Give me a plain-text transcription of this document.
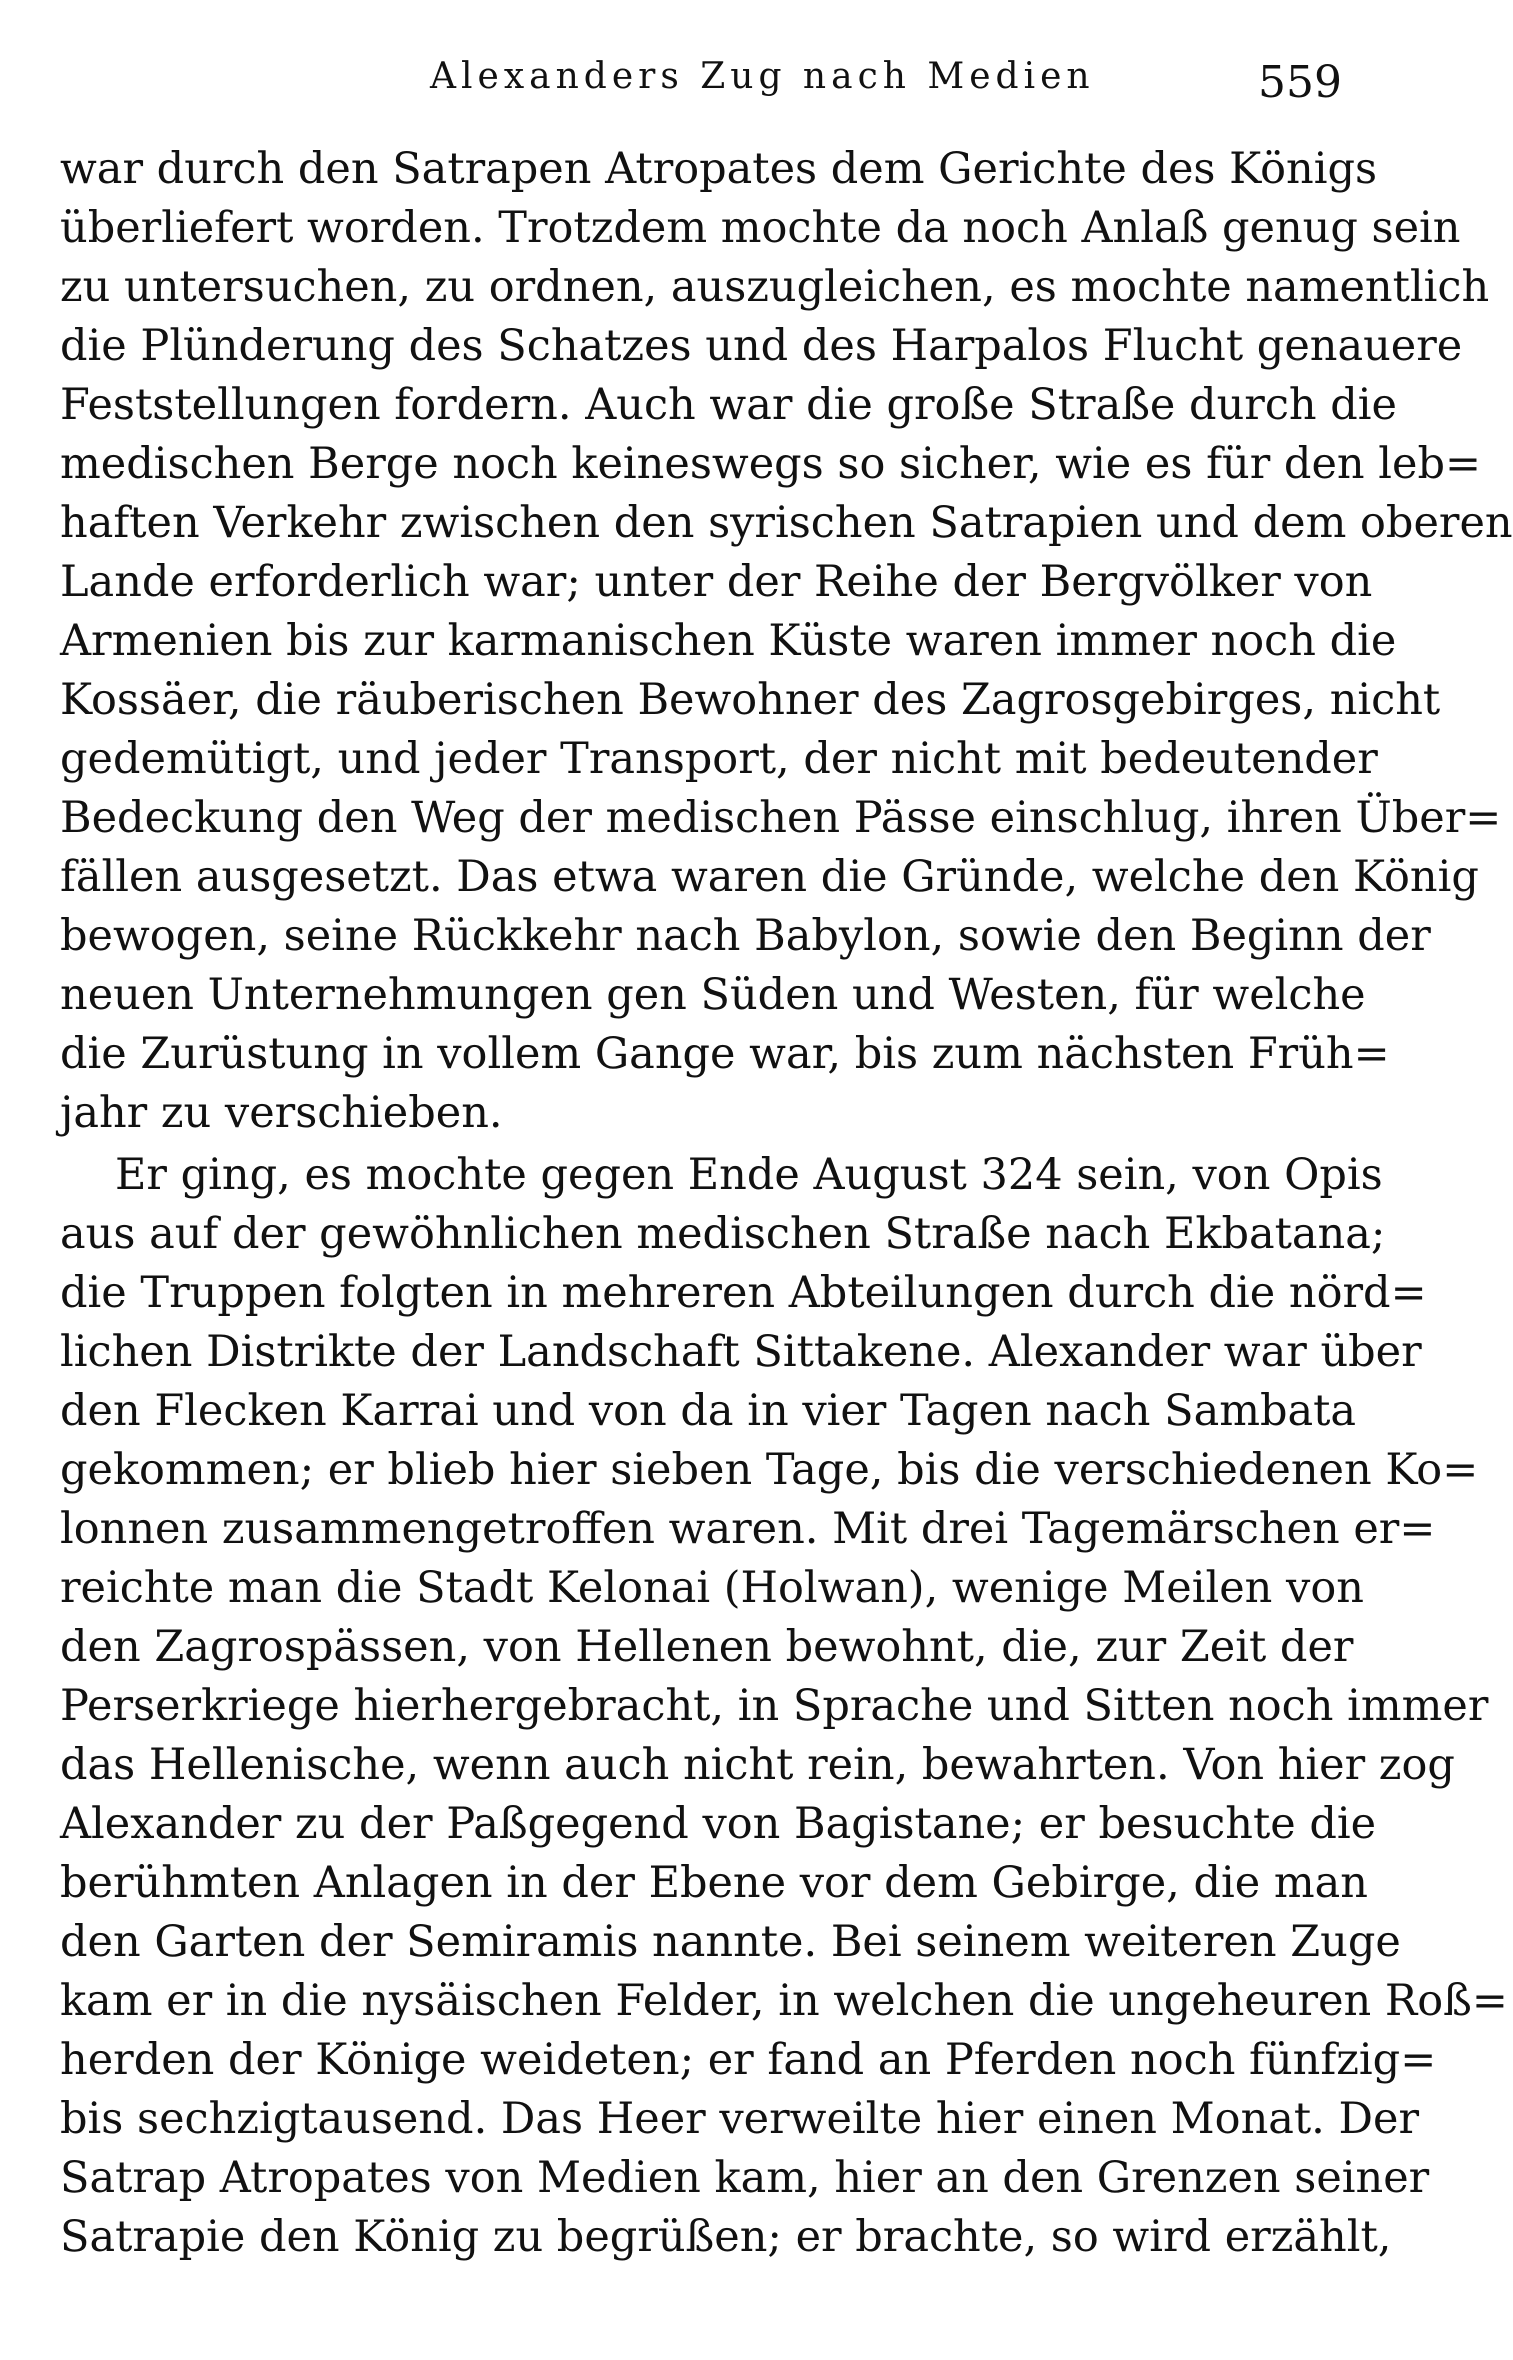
Alexanders Zug nach Medien	559
war durch den Satrapen Atropates dem Gerichte des Königs
überliefert worden. Trotzdem mochte da noch Anlaß genug sein
zu untersuchen, zu ordnen, auszugleichen, es mochte namentlich
die Plünderung des Schatzes und des Harpalos Flucht genauere
Feststellungen fordern. Auch war die große Straße durch die
medischen Berge noch keineswegs so sicher, wie es für den leb=
haften Verkehr zwischen den syrischen Satrapien und dem oberen
Lande erforderlich war; unter der Reihe der Bergvölker von
Armenien bis zur karmanischen Küste waren immer noch die
Kossäer, die räuberischen Bewohner des Zagrosgebirges, nicht
gedemütigt, und jeder Transport, der nicht mit bedeutender
Bedeckung den Weg der medischen Pässe einschlug, ihren Über=
fällen ausgesetzt. Das etwa waren die Gründe, welche den König
bewogen, seine Rückkehr nach Babylon, sowie den Beginn der
neuen Unternehmungen gen Süden und Westen, für welche
die Zurüstung in vollem Gange war, bis zum nächsten Früh=
jahr zu verschieben.
Er ging, es mochte gegen Ende August 324 sein, von Opis
aus auf der gewöhnlichen medischen Straße nach Ekbatana;
die Truppen folgten in mehreren Abteilungen durch die nörd=
lichen Distrikte der Landschaft Sittakene. Alexander war über
den Flecken Karrai und von da in vier Tagen nach Sambata
gekommen; er blieb hier sieben Tage, bis die verschiedenen Ko=
lonnen zusammengetroffen waren. Mit drei Tagemärschen er=
reichte man die Stadt Kelonai (Holwan), wenige Meilen von
den Zagrospässen, von Hellenen bewohnt, die, zur Zeit der
Perserkriege hierhergebracht, in Sprache und Sitten noch immer
das Hellenische, wenn auch nicht rein, bewahrten. Von hier zog
Alexander zu der Paßgegend von Bagistane; er besuchte die
berühmten Anlagen in der Ebene vor dem Gebirge, die man
den Garten der Semiramis nannte. Bei seinem weiteren Zuge
kam er in die nysäischen Felder, in welchen die ungeheuren Roß=
herden der Könige weideten; er fand an Pferden noch fünfzig=
bis sechzigtausend. Das Heer verweilte hier einen Monat. Der
Satrap Atropates von Medien kam, hier an den Grenzen seiner
Satrapie den König zu begrüßen; er brachte, so wird erzählt,
